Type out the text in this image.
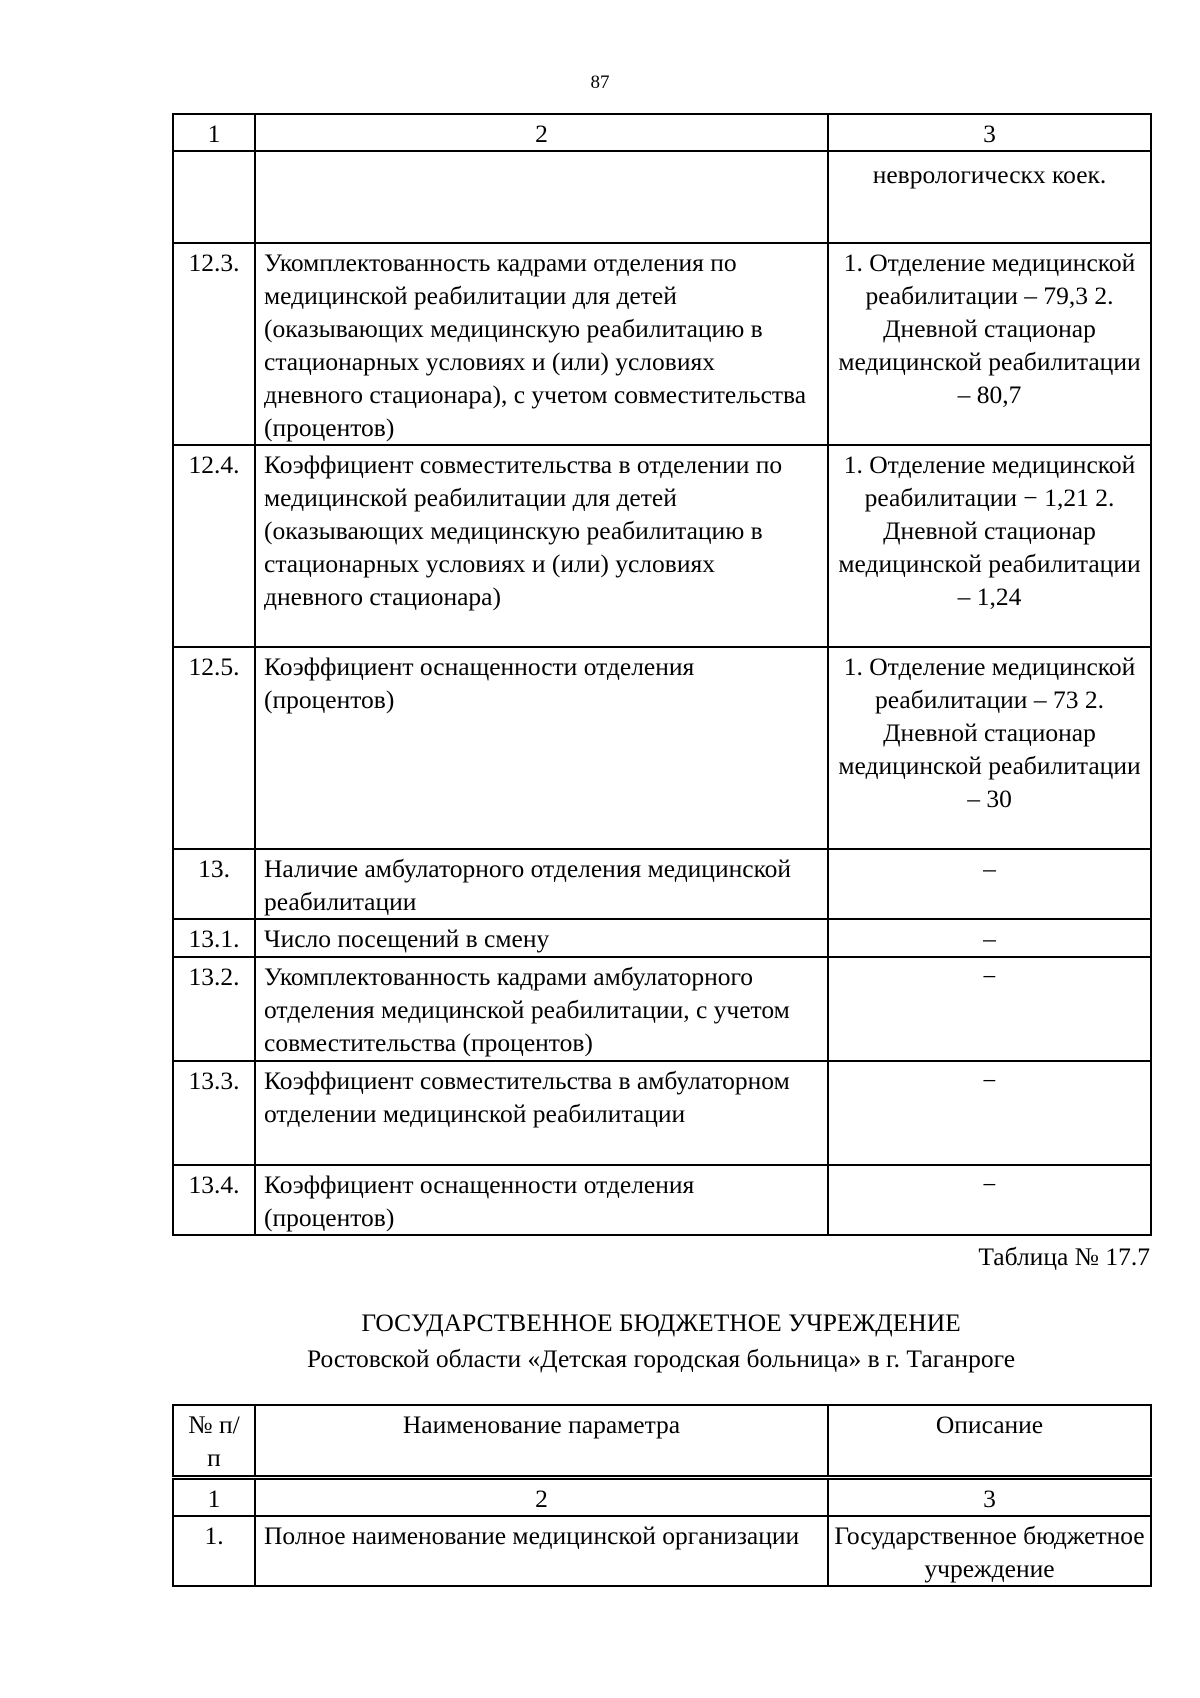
87
1	2	3
		неврологическх коек.
12.3.	Укомплектованность кадрами отделения по медицинской реабилитации для детей (оказывающих медицинскую реабилитацию в стационарных условиях и (или) условиях дневного стационара), с учетом совместительства (процентов)	1. Отделение медицинской реабилитации – 79,3 2. Дневной стационар медицинской реабилитации – 80,7
12.4.	Коэффициент совместительства в отделении по медицинской реабилитации для детей (оказывающих медицинскую реабилитацию в стационарных условиях и (или) условиях дневного стационара)	1. Отделение медицинской реабилитации − 1,21 2. Дневной стационар медицинской реабилитации – 1,24
12.5.	Коэффициент оснащенности отделения (процентов)	1. Отделение медицинской реабилитации – 73 2. Дневной стационар медицинской реабилитации – 30
13.	Наличие амбулаторного отделения медицинской реабилитации	–
13.1.	Число посещений в смену	–
13.2.	Укомплектованность кадрами амбулаторного отделения медицинской реабилитации, с учетом совместительства (процентов)	−
13.3.	Коэффициент совместительства в амбулаторном отделении медицинской реабилитации	−
13.4.	Коэффициент оснащенности отделения (процентов)	−
Таблица № 17.7
ГОСУДАРСТВЕННОЕ БЮДЖЕТНОЕ УЧРЕЖДЕНИЕ
Ростовской области «Детская городская больница» в г. Таганроге
№ п/п	Наименование параметра	Описание
1	2	3
1.	Полное наименование медицинской организации	Государственное бюджетное учреждение
